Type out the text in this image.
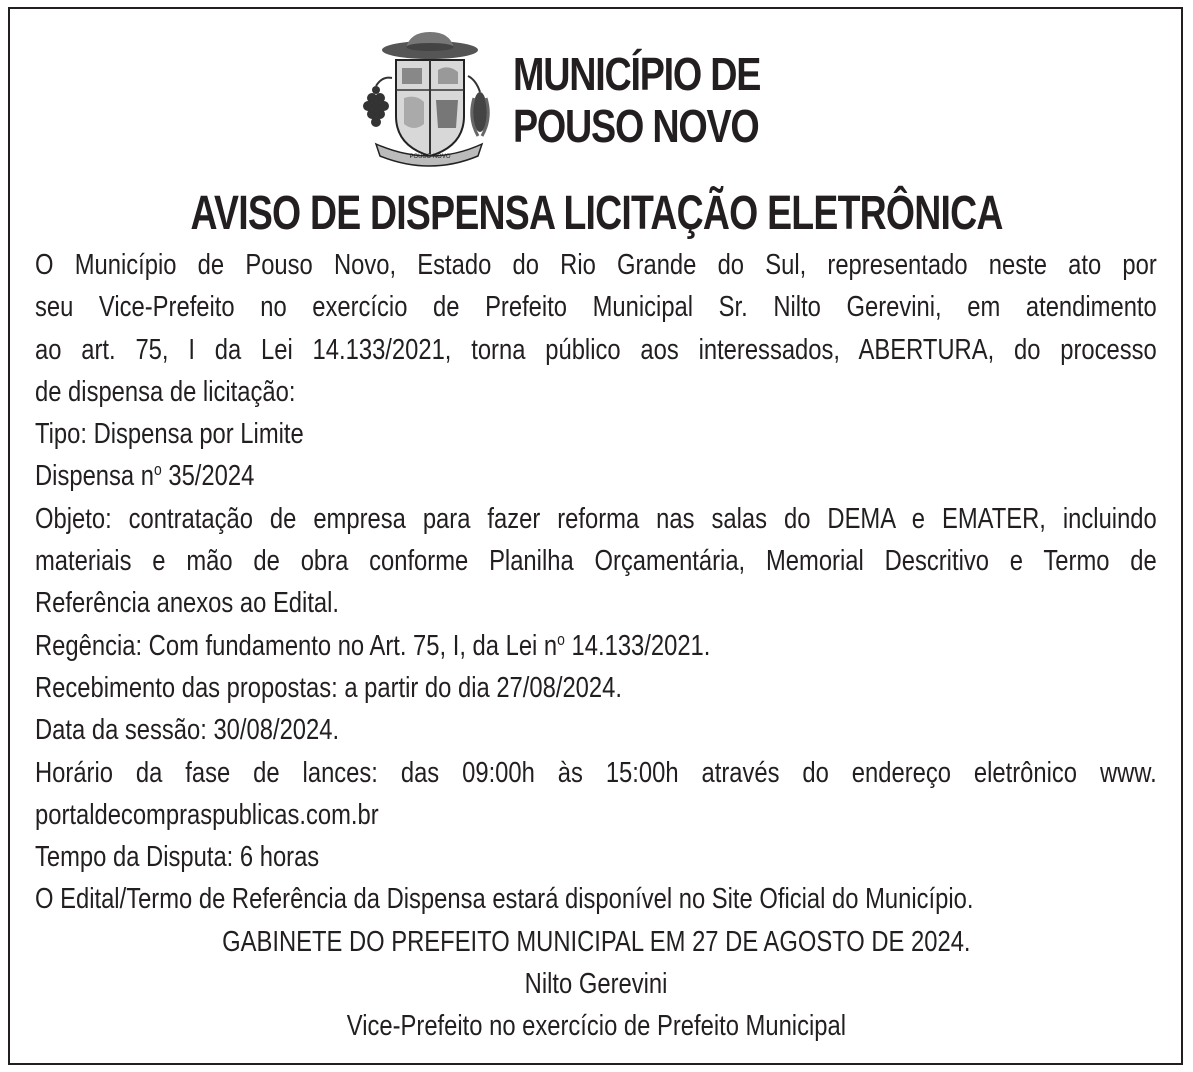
POUSO NOVO
MUNICÍPIO DE
POUSO NOVO
AVISO DE DISPENSA LICITAÇÃO ELETRÔNICA
O Município de Pouso Novo, Estado do Rio Grande do Sul, representado neste ato por
seu Vice-Prefeito no exercício de Prefeito Municipal Sr. Nilto Gerevini, em atendimento
ao art. 75, I da Lei 14.133/2021, torna público aos interessados, ABERTURA, do processo
de dispensa de licitação:
Tipo: Dispensa por Limite
Dispensa $n^o$ 35/2024
Objeto: contratação de empresa para fazer reforma nas salas do DEMA e EMATER, incluindo
materiais e mão de obra conforme Planilha Orçamentária, Memorial Descritivo e Termo de
Referência anexos ao Edital.
Regência: Com fundamento no Art. 75, I, da Lei $n^o$ 14.133/2021.
Recebimento das propostas: a partir do dia 27/08/2024.
Data da sessão: 30/08/2024.
Horário da fase de lances: das 09:00h às 15:00h através do endereço eletrônico www.
portaldecompraspublicas.com.br
Tempo da Disputa: 6 horas
O Edital/Termo de Referência da Dispensa estará disponível no Site Oficial do Município.
GABINETE DO PREFEITO MUNICIPAL EM 27 DE AGOSTO DE 2024.
Nilto Gerevini
Vice-Prefeito no exercício de Prefeito Municipal
